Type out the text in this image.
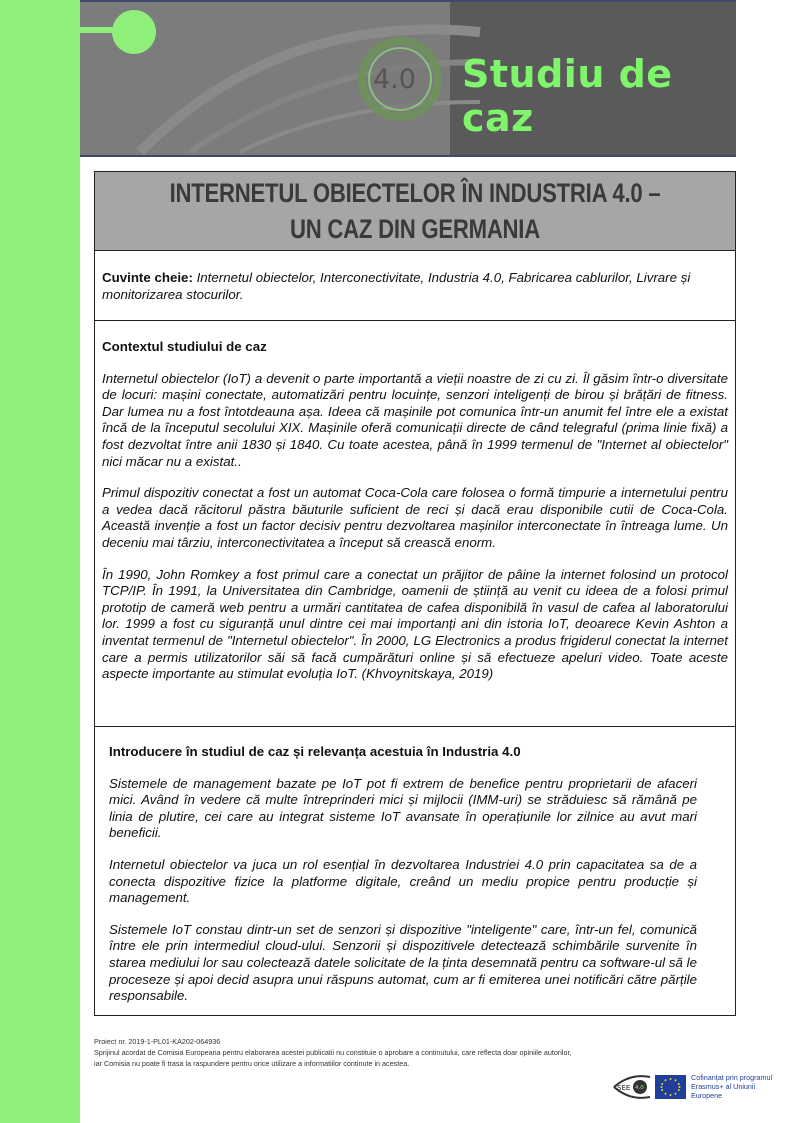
4.0 Studiu de caz
INTERNETUL OBIECTELOR ÎN INDUSTRIA 4.0 – UN CAZ DIN GERMANIA
Cuvinte cheie: Internetul obiectelor, Interconectivitate, Industria 4.0, Fabricarea cablurilor, Livrare și monitorizarea stocurilor.

Contextul studiului de caz

Internetul obiectelor (IoT) a devenit o parte importantă a vieții noastre de zi cu zi. Îl găsim într-o diversitate de locuri: mașini conectate, automatizări pentru locuințe, senzori inteligenți de birou și brățări de fitness. Dar lumea nu a fost întotdeauna așa. Ideea că mașinile pot comunica într-un anumit fel între ele a existat încă de la începutul secolului XIX. Mașinile oferă comunicații directe de când telegraful (prima linie fixă) a fost dezvoltat între anii 1830 și 1840. Cu toate acestea, până în 1999 termenul de "Internet al obiectelor" nici măcar nu a existat..

Primul dispozitiv conectat a fost un automat Coca-Cola care folosea o formă timpurie a internetului pentru a vedea dacă răcitorul păstra băuturile suficient de reci și dacă erau disponibile cutii de Coca-Cola. Această invenție a fost un factor decisiv pentru dezvoltarea mașinilor interconectate în întreaga lume. Un deceniu mai târziu, interconectivitatea a început să crească enorm.

În 1990, John Romkey a fost primul care a conectat un prăjitor de pâine la internet folosind un protocol TCP/IP. În 1991, la Universitatea din Cambridge, oamenii de știință au venit cu ideea de a folosi primul prototip de cameră web pentru a urmări cantitatea de cafea disponibilă în vasul de cafea al laboratorului lor. 1999 a fost cu siguranță unul dintre cei mai importanți ani din istoria IoT, deoarece Kevin Ashton a inventat termenul de "Internetul obiectelor". În 2000, LG Electronics a produs frigiderul conectat la internet care a permis utilizatorilor săi să facă cumpărături online și să efectueze apeluri video. Toate aceste aspecte importante au stimulat evoluția IoT. (Khvoynitskaya, 2019)

Introducere în studiul de caz și relevanța acestuia în Industria 4.0

Sistemele de management bazate pe IoT pot fi extrem de benefice pentru proprietarii de afaceri mici. Având în vedere că multe întreprinderi mici și mijlocii (IMM-uri) se străduiesc să rămână pe linia de plutire, cei care au integrat sisteme IoT avansate în operațiunile lor zilnice au avut mari beneficii.

Internetul obiectelor va juca un rol esențial în dezvoltarea Industriei 4.0 prin capacitatea sa de a conecta dispozitive fizice la platforme digitale, creând un mediu propice pentru producție și management.

Sistemele IoT constau dintr-un set de senzori și dispozitive "inteligente" care, într-un fel, comunică între ele prin intermediul cloud-ului. Senzorii și dispozitivele detectează schimbările survenite în starea mediului lor sau colectează datele solicitate de la ținta desemnată pentru ca software-ul să le proceseze și apoi decid asupra unui răspuns automat, cum ar fi emiterea unei notificări către părțile responsabile.

Proiect nr. 2019-1-PL01-KA202-064936

Sprijinul acordat de Comisia Europeana pentru elaborarea acestei publicatii nu constituie o aprobare a continutului, care reflecta doar opiniile autorilor, iar Comisia nu poate fi trasa la raspundere pentru orice utilizare a informatiilor continute in acestea.

SEE 4.0
Cofinanțat prin programul Erasmus+ al Uniunii Europene
